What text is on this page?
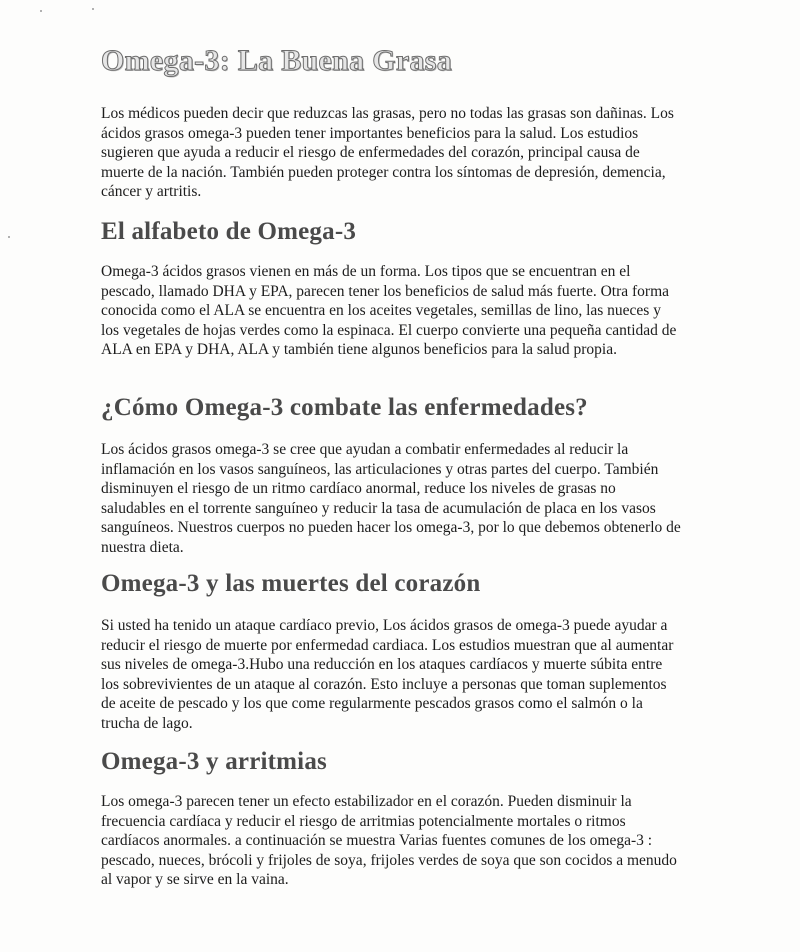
Omega-3: La Buena Grasa

Los médicos pueden decir que reduzcas las grasas, pero no todas las grasas son dañinas. Los ácidos grasos omega-3 pueden tener importantes beneficios para la salud. Los estudios sugieren que ayuda a reducir el riesgo de enfermedades del corazón, principal causa de muerte de la nación. También pueden proteger contra los síntomas de depresión, demencia, cáncer y artritis.

El alfabeto de Omega-3

Omega-3 ácidos grasos vienen en más de un forma. Los tipos que se encuentran en el pescado, llamado DHA y EPA, parecen tener los beneficios de salud más fuerte. Otra forma conocida como el ALA se encuentra en los aceites vegetales, semillas de lino, las nueces y los vegetales de hojas verdes como la espinaca. El cuerpo convierte una pequeña cantidad de ALA en EPA y DHA, ALA y también tiene algunos beneficios para la salud propia.

¿Cómo Omega-3 combate las enfermedades?

Los ácidos grasos omega-3 se cree que ayudan a combatir enfermedades al reducir la inflamación en los vasos sanguíneos, las articulaciones y otras partes del cuerpo. También disminuyen el riesgo de un ritmo cardíaco anormal, reduce los niveles de grasas no saludables en el torrente sanguíneo y reducir la tasa de acumulación de placa en los vasos sanguíneos. Nuestros cuerpos no pueden hacer los omega-3, por lo que debemos obtenerlo de nuestra dieta.

Omega-3 y las muertes del corazón

Si usted ha tenido un ataque cardíaco previo, Los ácidos grasos de omega-3 puede ayudar a reducir el riesgo de muerte por enfermedad cardiaca. Los estudios muestran que al aumentar sus niveles de omega-3.Hubo una reducción en los ataques cardíacos y muerte súbita entre los sobrevivientes de un ataque al corazón. Esto incluye a personas que toman suplementos de aceite de pescado y los que come regularmente pescados grasos como el salmón o la trucha de lago.

Omega-3 y arritmias

Los omega-3 parecen tener un efecto estabilizador en el corazón. Pueden disminuir la frecuencia cardíaca y reducir el riesgo de arritmias potencialmente mortales o ritmos cardíacos anormales. a continuación se muestra Varias fuentes comunes de los omega-3 : pescado, nueces, brócoli y frijoles de soya, frijoles verdes de soya que son cocidos a menudo al vapor y se sirve en la vaina.
